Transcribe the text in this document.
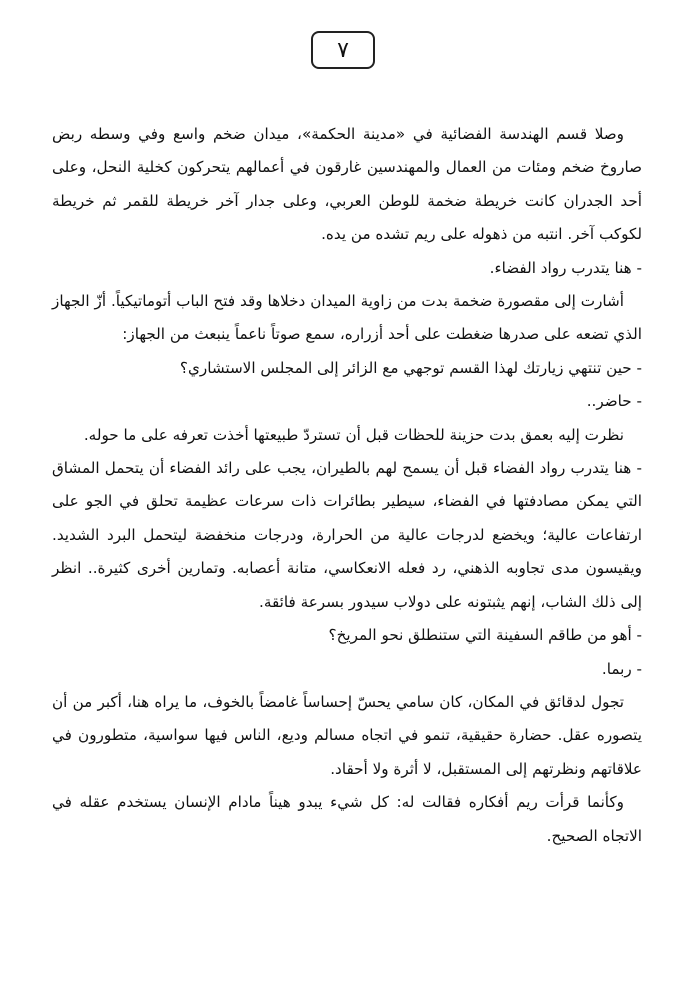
٧

وصلا قسم الهندسة الفضائية في «مدينة الحكمة»، ميدان ضخم واسع وفي وسطه ربض صاروخ ضخم ومئات من العمال والمهندسين غارقون في أعمالهم يتحركون كخلية النحل، وعلى أحد الجدران كانت خريطة ضخمة للوطن العربي، وعلى جدار آخر خريطة للقمر ثم خريطة لكوكب آخر. انتبه من ذهوله على ريم تشده من يده.

- هنا يتدرب رواد الفضاء.

أشارت إلى مقصورة ضخمة بدت من زاوية الميدان دخلاها وقد فتح الباب أتوماتيكياً. أزّ الجهاز الذي تضعه على صدرها ضغطت على أحد أزراره، سمع صوتاً ناعماً ينبعث من الجهاز:

- حين تنتهي زيارتك لهذا القسم توجهي مع الزائر إلى المجلس الاستشاري؟

- حاضر..

نظرت إليه بعمق بدت حزينة للحظات قبل أن تستردّ طبيعتها أخذت تعرفه على ما حوله.

- هنا يتدرب رواد الفضاء قبل أن يسمح لهم بالطيران، يجب على رائد الفضاء أن يتحمل المشاق التي يمكن مصادفتها في الفضاء، سيطير بطائرات ذات سرعات عظيمة تحلق في الجو على ارتفاعات عالية؛ ويخضع لدرجات عالية من الحرارة، ودرجات منخفضة ليتحمل البرد الشديد. ويقيسون مدى تجاوبه الذهني، رد فعله الانعكاسي، متانة أعصابه. وتمارين أخرى كثيرة.. انظر إلى ذلك الشاب، إنهم يثبتونه على دولاب سيدور بسرعة فائقة.

- أهو من طاقم السفينة التي ستنطلق نحو المريخ؟

- ربما.

تجول لدقائق في المكان، كان سامي يحسّ إحساساً غامضاً بالخوف، ما يراه هنا، أكبر من أن يتصوره عقل. حضارة حقيقية، تنمو في اتجاه مسالم وديع، الناس فيها سواسية، متطورون في علاقاتهم ونظرتهم إلى المستقبل، لا أثرة ولا أحقاد.

وكأنما قرأت ريم أفكاره فقالت له: كل شيء يبدو هيناً مادام الإنسان يستخدم عقله في الاتجاه الصحيح.
